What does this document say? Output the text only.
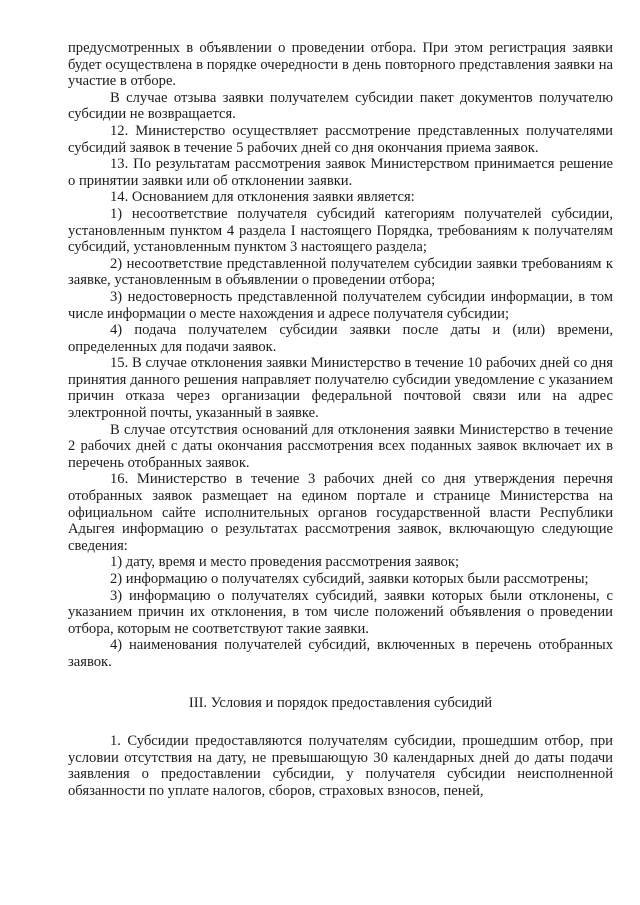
предусмотренных в объявлении о проведении отбора. При этом регистрация заявки будет осуществлена в порядке очередности в день повторного представления заявки на участие в отборе.

В случае отзыва заявки получателем субсидии пакет документов получателю субсидии не возвращается.

12. Министерство осуществляет рассмотрение представленных получателями субсидий заявок в течение 5 рабочих дней со дня окончания приема заявок.

13. По результатам рассмотрения заявок Министерством принимается решение о принятии заявки или об отклонении заявки.

14. Основанием для отклонения заявки является:

1) несоответствие получателя субсидий категориям получателей субсидии, установленным пунктом 4 раздела I настоящего Порядка, требованиям к получателям субсидий, установленным пунктом 3 настоящего раздела;

2) несоответствие представленной получателем субсидии заявки требованиям к заявке, установленным в объявлении о проведении отбора;

3) недостоверность представленной получателем субсидии информации, в том числе информации о месте нахождения и адресе получателя субсидии;

4) подача получателем субсидии заявки после даты и (или) времени, определенных для подачи заявок.

15. В случае отклонения заявки Министерство в течение 10 рабочих дней со дня принятия данного решения направляет получателю субсидии уведомление с указанием причин отказа через организации федеральной почтовой связи или на адрес электронной почты, указанный в заявке.

В случае отсутствия оснований для отклонения заявки Министерство в течение 2 рабочих дней с даты окончания рассмотрения всех поданных заявок включает их в перечень отобранных заявок.

16. Министерство в течение 3 рабочих дней со дня утверждения перечня отобранных заявок размещает на едином портале и странице Министерства на официальном сайте исполнительных органов государственной власти Республики Адыгея информацию о результатах рассмотрения заявок, включающую следующие сведения:

1) дату, время и место проведения рассмотрения заявок;

2) информацию о получателях субсидий, заявки которых были рассмотрены;

3) информацию о получателях субсидий, заявки которых были отклонены, с указанием причин их отклонения, в том числе положений объявления о проведении отбора, которым не соответствуют такие заявки.

4) наименования получателей субсидий, включенных в перечень отобранных заявок.

III. Условия и порядок предоставления субсидий

1. Субсидии предоставляются получателям субсидии, прошедшим отбор, при условии отсутствия на дату, не превышающую 30 календарных дней до даты подачи заявления о предоставлении субсидии, у получателя субсидии неисполненной обязанности по уплате налогов, сборов, страховых взносов, пеней,
